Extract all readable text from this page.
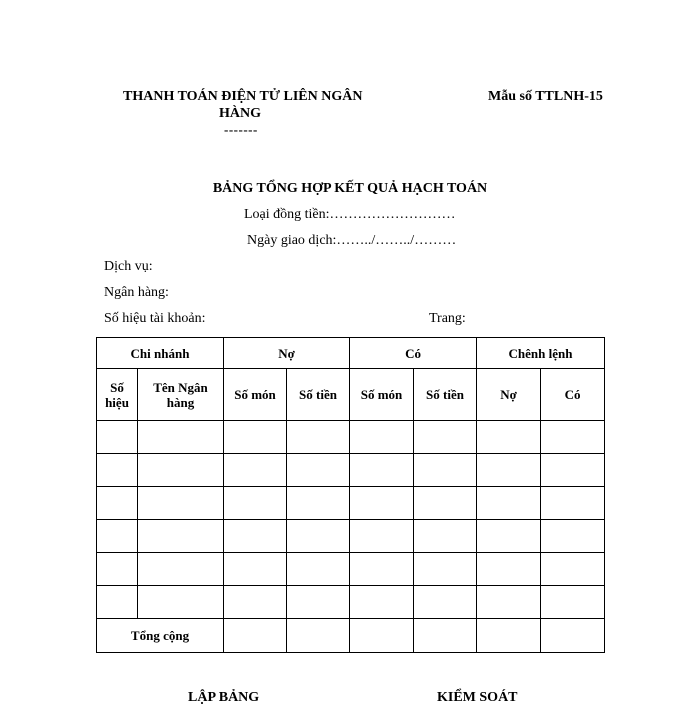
THANH TOÁN ĐIỆN TỬ LIÊN NGÂN
HÀNG
-------
Mẫu số TTLNH-15
BẢNG TỔNG HỢP KẾT QUẢ HẠCH TOÁN
Loại đồng tiền:………………………
Ngày giao dịch:……../……../………
Dịch vụ:
Ngân hàng:
Số hiệu tài khoản:	Trang:
Chi nhánh		Nợ		Có		Chênh lệnh	
Số hiệu	Tên Ngân hàng	Số món	Số tiền	Số món	Số tiền	Nợ	Có

Tổng cộng							
LẬP BẢNG	KIỂM SOÁT
